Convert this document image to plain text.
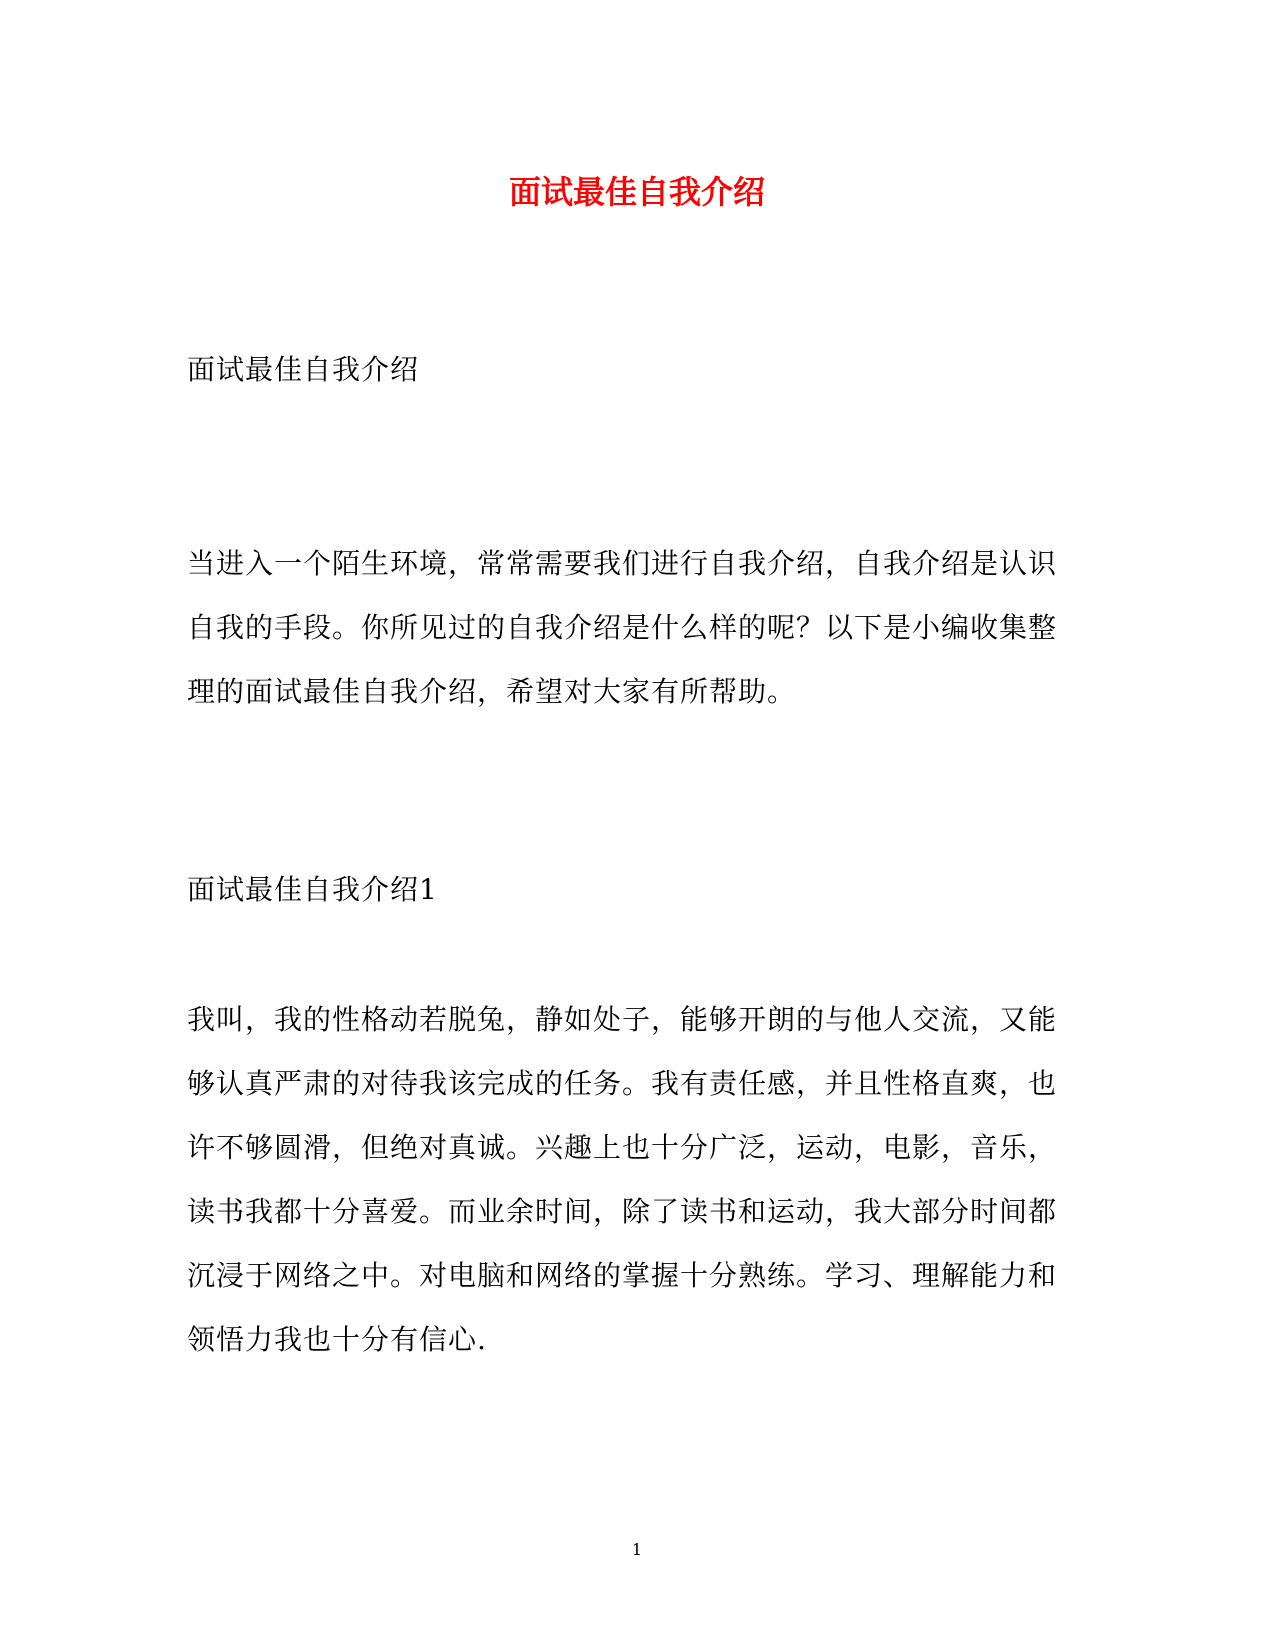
面试最佳自我介绍
面试最佳自我介绍
当进入一个陌生环境，常常需要我们进行自我介绍，自我介绍是认识
自我的手段。你所见过的自我介绍是什么样的呢？以下是小编收集整
理的面试最佳自我介绍，希望对大家有所帮助。
面试最佳自我介绍1
我叫，我的性格动若脱兔，静如处子，能够开朗的与他人交流，又能
够认真严肃的对待我该完成的任务。我有责任感，并且性格直爽，也
许不够圆滑，但绝对真诚。兴趣上也十分广泛，运动，电影，音乐，
读书我都十分喜爱。而业余时间，除了读书和运动，我大部分时间都
沉浸于网络之中。对电脑和网络的掌握十分熟练。学习、理解能力和
领悟力我也十分有信心.
1
